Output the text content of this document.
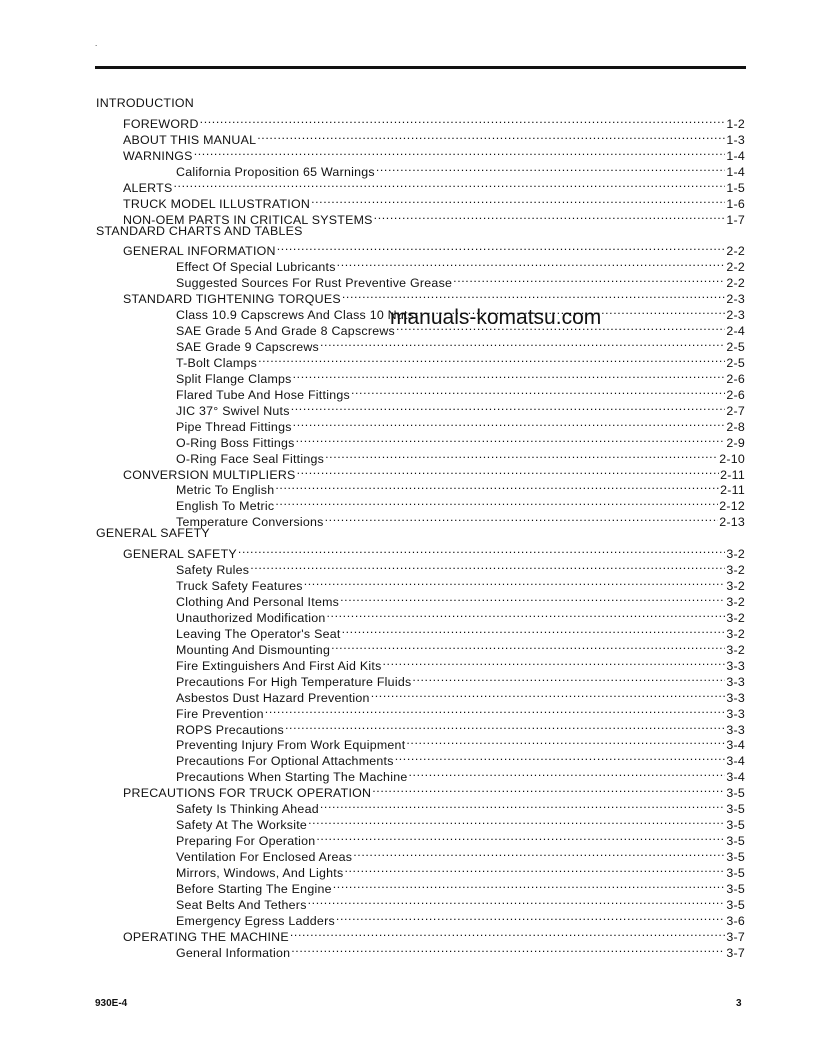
.
INTRODUCTION
FOREWORD .....	1-2
ABOUT THIS MANUAL .....	1-3
WARNINGS .....	1-4
California Proposition 65 Warnings .....	1-4
ALERTS .....	1-5
TRUCK MODEL ILLUSTRATION .....	1-6
NON-OEM PARTS IN CRITICAL SYSTEMS .....	1-7
STANDARD CHARTS AND TABLES
GENERAL INFORMATION .....	2-2
Effect Of Special Lubricants .....	2-2
Suggested Sources For Rust Preventive Grease .....	2-2
STANDARD TIGHTENING TORQUES .....	2-3
Class 10.9 Capscrews And Class 10 Nuts .....	2-3
SAE Grade 5 And Grade 8 Capscrews .....	2-4
SAE Grade 9 Capscrews .....	2-5
T-Bolt Clamps .....	2-5
Split Flange Clamps .....	2-6
Flared Tube And Hose Fittings .....	2-6
JIC 37° Swivel Nuts .....	2-7
Pipe Thread Fittings .....	2-8
O-Ring Boss Fittings .....	2-9
O-Ring Face Seal Fittings .....	2-10
CONVERSION MULTIPLIERS .....	2-11
Metric To English .....	2-11
English To Metric .....	2-12
Temperature Conversions .....	2-13
GENERAL SAFETY
GENERAL SAFETY .....	3-2
Safety Rules .....	3-2
Truck Safety Features .....	3-2
Clothing And Personal Items .....	3-2
Unauthorized Modification .....	3-2
Leaving The Operator's Seat .....	3-2
Mounting And Dismounting .....	3-2
Fire Extinguishers And First Aid Kits .....	3-3
Precautions For High Temperature Fluids .....	3-3
Asbestos Dust Hazard Prevention .....	3-3
Fire Prevention .....	3-3
ROPS Precautions .....	3-3
Preventing Injury From Work Equipment .....	3-4
Precautions For Optional Attachments .....	3-4
Precautions When Starting The Machine .....	3-4
PRECAUTIONS FOR TRUCK OPERATION .....	3-5
Safety Is Thinking Ahead .....	3-5
Safety At The Worksite .....	3-5
Preparing For Operation .....	3-5
Ventilation For Enclosed Areas .....	3-5
Mirrors, Windows, And Lights .....	3-5
Before Starting The Engine .....	3-5
Seat Belts And Tethers .....	3-5
Emergency Egress Ladders .....	3-6
OPERATING THE MACHINE .....	3-7
General Information .....	3-7
manuals-komatsu.com
930E-4	3
